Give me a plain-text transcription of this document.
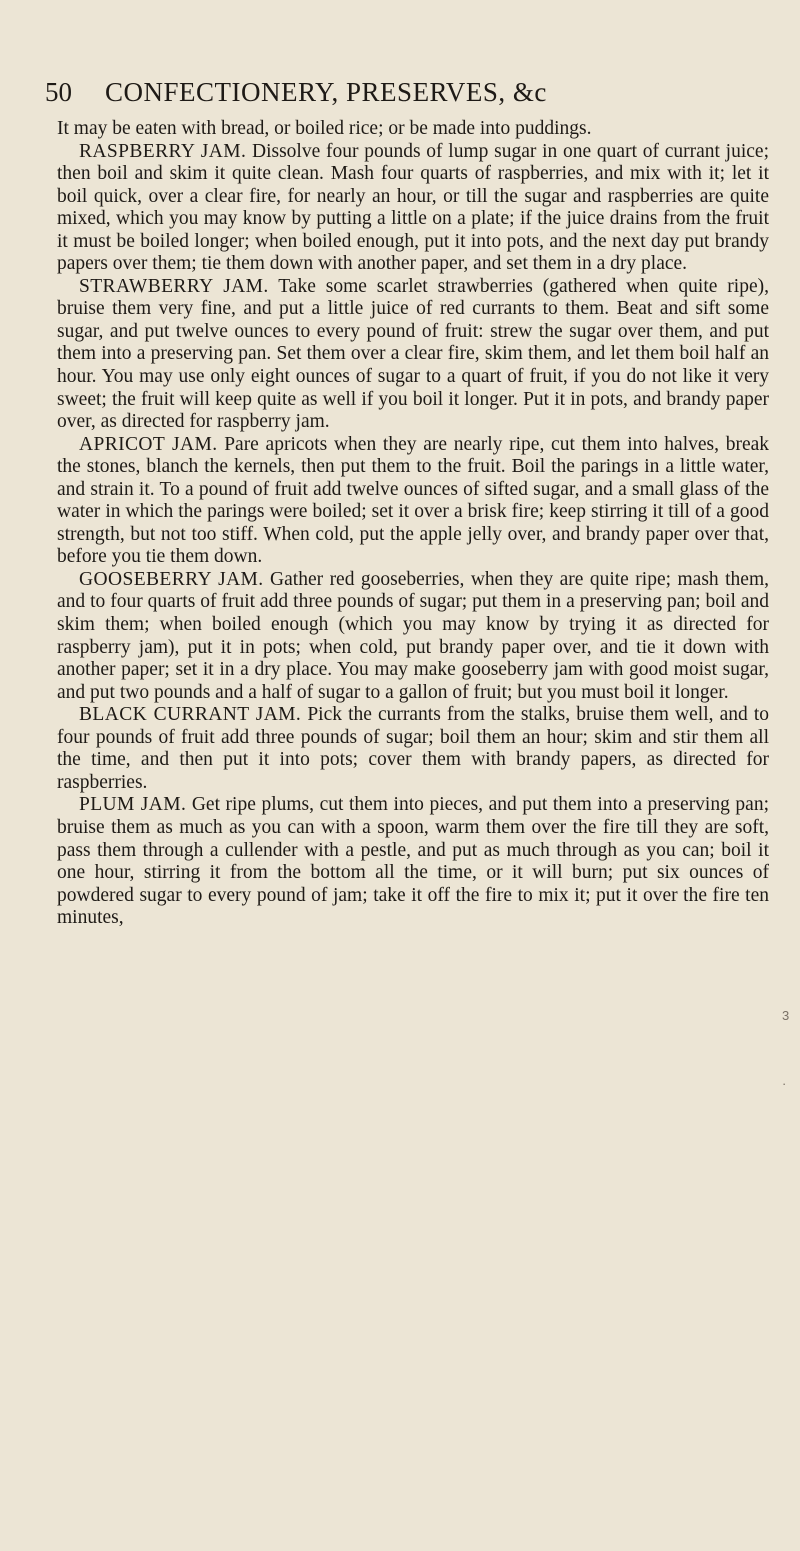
50 CONFECTIONERY, PRESERVES, &c

It may be eaten with bread, or boiled rice; or be made into puddings.

RASPBERRY JAM. Dissolve four pounds of lump sugar in one quart of currant juice; then boil and skim it quite clean. Mash four quarts of raspberries, and mix with it; let it boil quick, over a clear fire, for nearly an hour, or till the sugar and raspberries are quite mixed, which you may know by putting a little on a plate; if the juice drains from the fruit it must be boiled longer; when boiled enough, put it into pots, and the next day put brandy papers over them; tie them down with another paper, and set them in a dry place.

STRAWBERRY JAM. Take some scarlet strawberries (gathered when quite ripe), bruise them very fine, and put a little juice of red currants to them. Beat and sift some sugar, and put twelve ounces to every pound of fruit: strew the sugar over them, and put them into a preserving pan. Set them over a clear fire, skim them, and let them boil half an hour. You may use only eight ounces of sugar to a quart of fruit, if you do not like it very sweet; the fruit will keep quite as well if you boil it longer. Put it in pots, and brandy paper over, as directed for raspberry jam.

APRICOT JAM. Pare apricots when they are nearly ripe, cut them into halves, break the stones, blanch the kernels, then put them to the fruit. Boil the parings in a little water, and strain it. To a pound of fruit add twelve ounces of sifted sugar, and a small glass of the water in which the parings were boiled; set it over a brisk fire; keep stirring it till of a good strength, but not too stiff. When cold, put the apple jelly over, and brandy paper over that, before you tie them down.

GOOSEBERRY JAM. Gather red gooseberries, when they are quite ripe; mash them, and to four quarts of fruit add three pounds of sugar; put them in a preserving pan; boil and skim them; when boiled enough (which you may know by trying it as directed for raspberry jam), put it in pots; when cold, put brandy paper over, and tie it down with another paper; set it in a dry place. You may make gooseberry jam with good moist sugar, and put two pounds and a half of sugar to a gallon of fruit; but you must boil it longer.

BLACK CURRANT JAM. Pick the currants from the stalks, bruise them well, and to four pounds of fruit add three pounds of sugar; boil them an hour; skim and stir them all the time, and then put it into pots; cover them with brandy papers, as directed for raspberries.

PLUM JAM. Get ripe plums, cut them into pieces, and put them into a preserving pan; bruise them as much as you can with a spoon, warm them over the fire till they are soft, pass them through a cullender with a pestle, and put as much through as you can; boil it one hour, stirring it from the bottom all the time, or it will burn; put six ounces of powdered sugar to every pound of jam; take it off the fire to mix it; put it over the fire ten minutes,

3
·
